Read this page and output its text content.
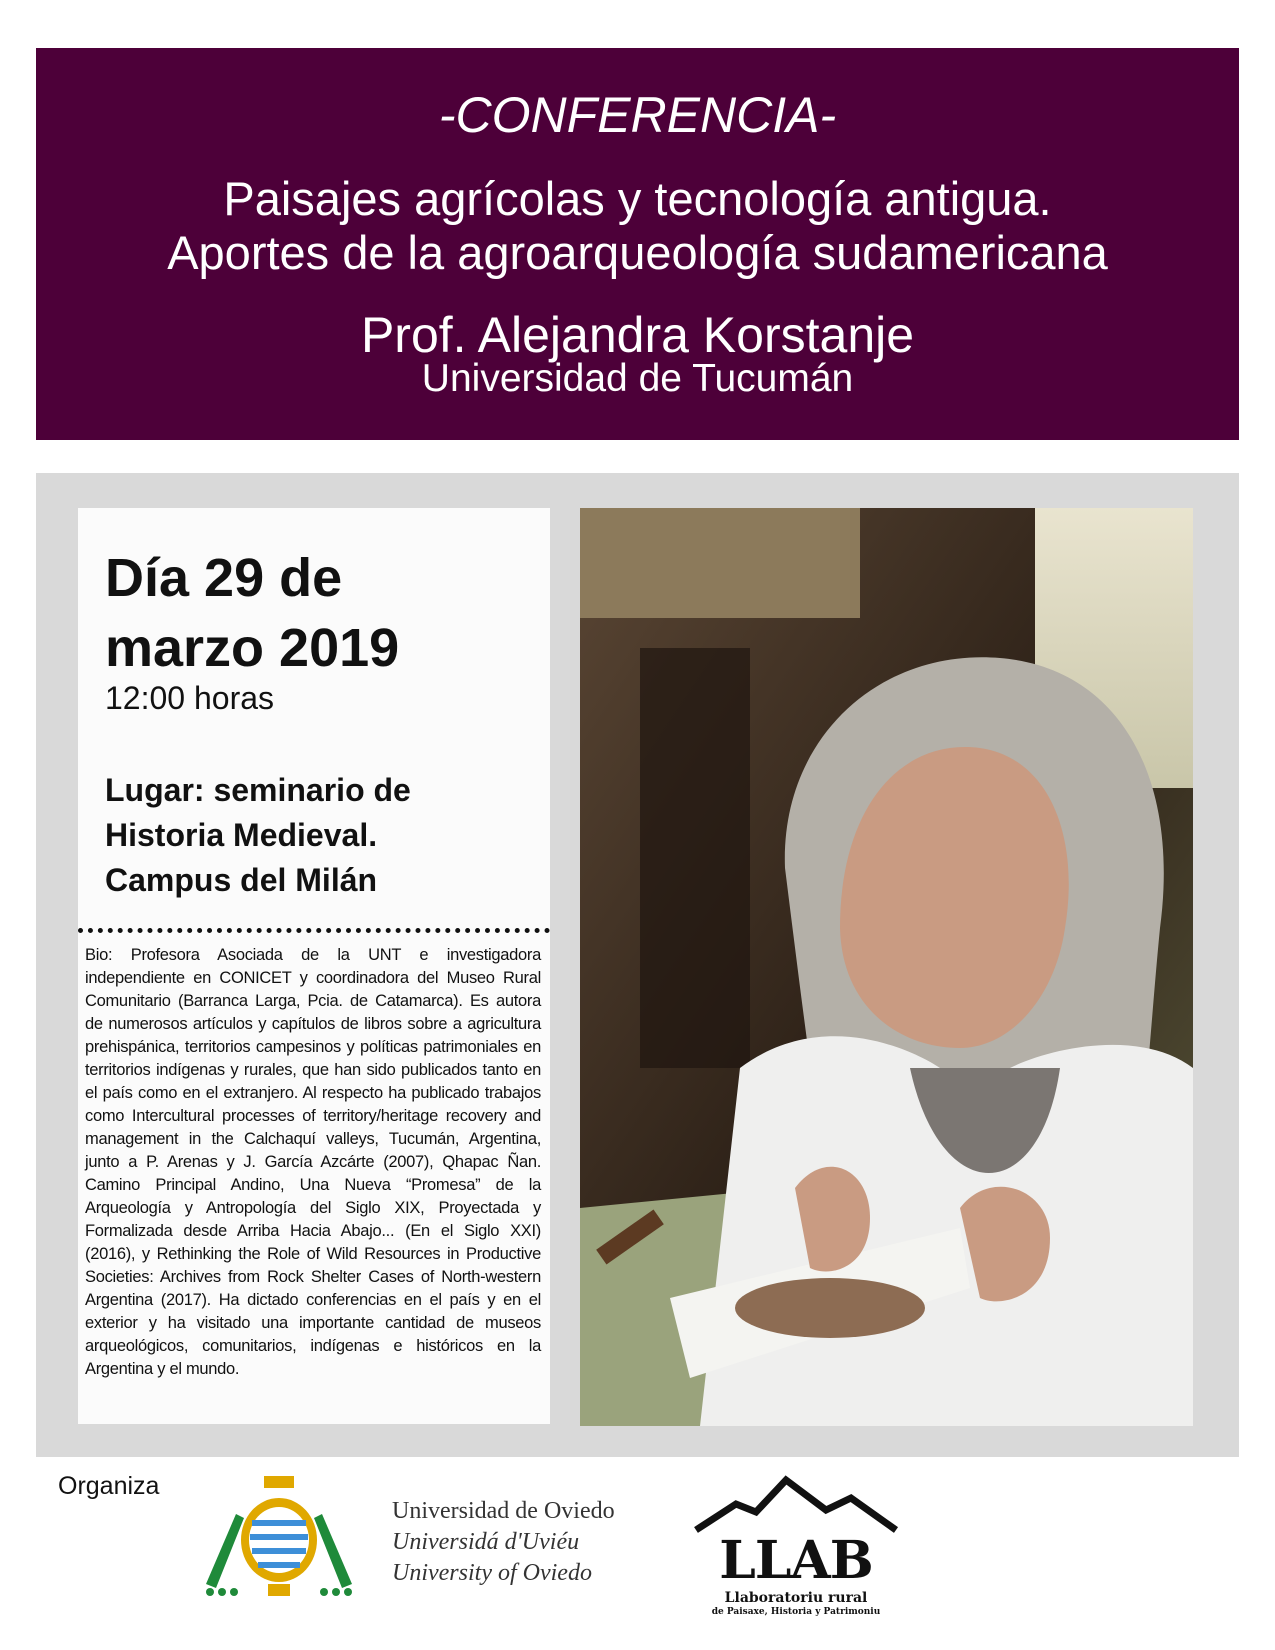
-CONFERENCIA-
Paisajes agrícolas y tecnología antigua.
Aportes de la agroarqueología sudamericana
Prof. Alejandra Korstanje
Universidad de Tucumán
Día 29 de
marzo 2019
12:00 horas
Lugar: seminario de
Historia Medieval.
Campus del Milán
Bio: Profesora Asociada de la UNT e investigadora independiente en CONICET y coordinadora del Museo Rural Comunitario (Barranca Larga, Pcia. de Catamarca). Es autora de numerosos artículos y capítulos de libros sobre a agricultura prehispánica, territorios campesinos y políticas patrimoniales en territorios indígenas y rurales, que han sido publicados tanto en el país como en el extranjero. Al respecto ha publicado trabajos como Intercultural processes of territory/heritage recovery and management in the Calchaquí valleys, Tucumán, Argentina, junto a P. Arenas y J. García Azcárte (2007), Qhapac Ñan. Camino Principal Andino, Una Nueva “Promesa” de la Arqueología y Antropología del Siglo XIX, Proyectada y Formalizada desde Arriba Hacia Abajo... (En el Siglo XXI) (2016), y Rethinking the Role of Wild Resources in Productive Societies: Archives from Rock Shelter Cases of North-western Argentina (2017). Ha dictado conferencias en el país y en el exterior y ha visitado una importante cantidad de museos arqueológicos, comunitarios, indígenas e históricos en la Argentina y el mundo.
Organiza
Universidad de Oviedo
Universidá d'Uviéu
University of Oviedo	LLAB
Llaboratoriu rural
de Paisaxe, Historia y Patrimoniu
